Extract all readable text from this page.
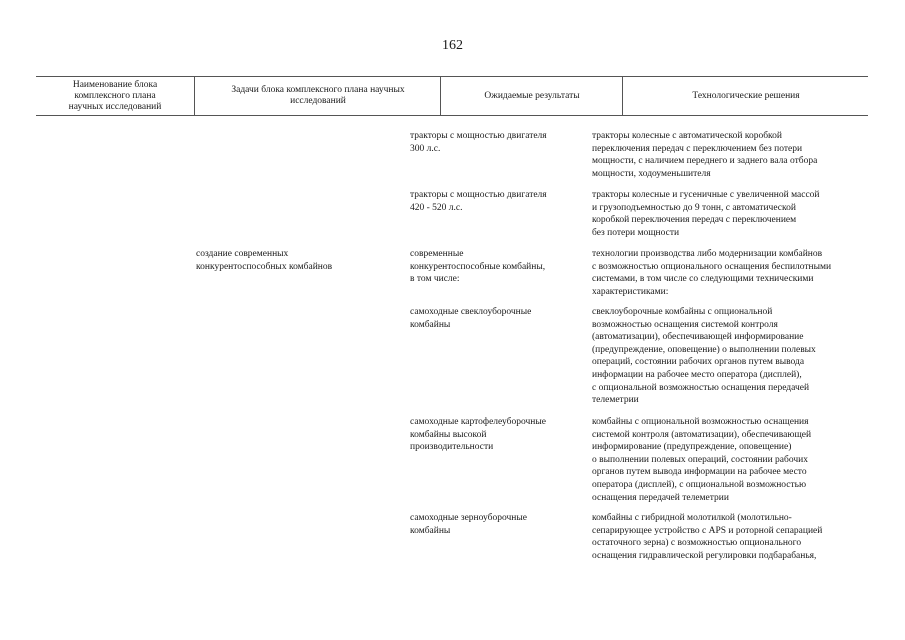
162
Наименование блока комплексного плана научных исследований
Задачи блока комплексного плана научных исследований
Ожидаемые результаты	Технологические решения
тракторы с мощностью двигателя
300 л.с.
тракторы колесные с автоматической коробкой
переключения передач с переключением без потери
мощности, с наличием переднего и заднего вала отбора
мощности, ходоуменьшителя
тракторы с мощностью двигателя
420 - 520 л.с.
тракторы колесные и гусеничные с увеличенной массой
и грузоподъемностью до 9 тонн, с автоматической
коробкой переключения передач с переключением
без потери мощности
создание современных
конкурентоспособных комбайнов
современные
конкурентоспособные комбайны,
в том числе:
технологии производства либо модернизации комбайнов
с возможностью опционального оснащения беспилотными
системами, в том числе со следующими техническими
характеристиками:
самоходные свеклоуборочные
комбайны
свеклоуборочные комбайны с опциональной
возможностью оснащения системой контроля
(автоматизации), обеспечивающей информирование
(предупреждение, оповещение) о выполнении полевых
операций, состоянии рабочих органов путем вывода
информации на рабочее место оператора (дисплей),
с опциональной возможностью оснащения передачей
телеметрии
самоходные картофелеуборочные
комбайны высокой
производительности
комбайны с опциональной возможностью оснащения
системой контроля (автоматизации), обеспечивающей
информирование (предупреждение, оповещение)
о выполнении полевых операций, состоянии рабочих
органов путем вывода информации на рабочее место
оператора (дисплей), с опциональной возможностью
оснащения передачей телеметрии
самоходные зерноуборочные
комбайны
комбайны с гибридной молотилкой (молотильно-
сепарирующее устройство с APS и роторной сепарацией
остаточного зерна) с возможностью опционального
оснащения гидравлической регулировки подбарабанья,
